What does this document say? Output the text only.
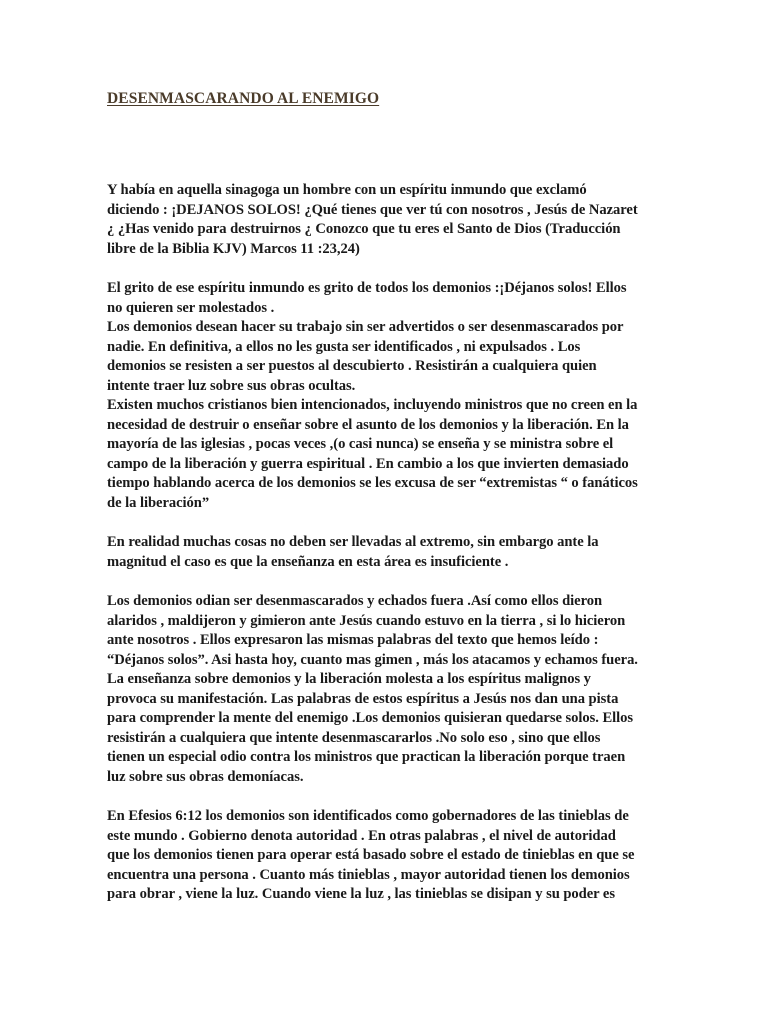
DESENMASCARANDO AL ENEMIGO

Y había en aquella sinagoga un hombre con un espíritu inmundo que exclamó
diciendo : ¡DEJANOS SOLOS! ¿Qué tienes que ver tú con nosotros , Jesús de Nazaret
¿ ¿Has venido para destruirnos ¿ Conozco que tu eres el Santo de Dios (Traducción
libre de la Biblia KJV) Marcos 11 :23,24)

El grito de ese espíritu inmundo es grito de todos los demonios :¡Déjanos solos! Ellos
no quieren ser molestados .
Los demonios desean hacer su trabajo sin ser advertidos o ser desenmascarados por
nadie. En definitiva, a ellos no les gusta ser identificados , ni expulsados . Los
demonios se resisten a ser puestos al descubierto . Resistirán a cualquiera quien
intente traer luz sobre sus obras ocultas.
Existen muchos cristianos bien intencionados, incluyendo ministros que no creen en la
necesidad de destruir o enseñar sobre el asunto de los demonios y la liberación. En la
mayoría de las iglesias , pocas veces ,(o casi nunca) se enseña y se ministra sobre el
campo de la liberación y guerra espiritual . En cambio a los que invierten demasiado
tiempo hablando acerca de los demonios se les excusa de ser “extremistas “ o fanáticos
de la liberación”

En realidad muchas cosas no deben ser llevadas al extremo, sin embargo ante la
magnitud el caso es que la enseñanza en esta área es insuficiente .

Los demonios odian ser desenmascarados y echados fuera .Así como ellos dieron
alaridos , maldijeron y gimieron ante Jesús cuando estuvo en la tierra , si lo hicieron
ante nosotros . Ellos expresaron las mismas palabras del texto que hemos leído :
“Déjanos solos”. Asi hasta hoy, cuanto mas gimen , más los atacamos y echamos fuera.
La enseñanza sobre demonios y la liberación molesta a los espíritus malignos y
provoca su manifestación. Las palabras de estos espíritus a Jesús nos dan una pista
para comprender la mente del enemigo .Los demonios quisieran quedarse solos. Ellos
resistirán a cualquiera que intente desenmascararlos .No solo eso , sino que ellos
tienen un especial odio contra los ministros que practican la liberación porque traen
luz sobre sus obras demoníacas.

En Efesios 6:12 los demonios son identificados como gobernadores de las tinieblas de
este mundo . Gobierno denota autoridad . En otras palabras , el nivel de autoridad
que los demonios tienen para operar está basado sobre el estado de tinieblas en que se
encuentra una persona . Cuanto más tinieblas , mayor autoridad tienen los demonios
para obrar , viene la luz. Cuando viene la luz , las tinieblas se disipan y su poder es
